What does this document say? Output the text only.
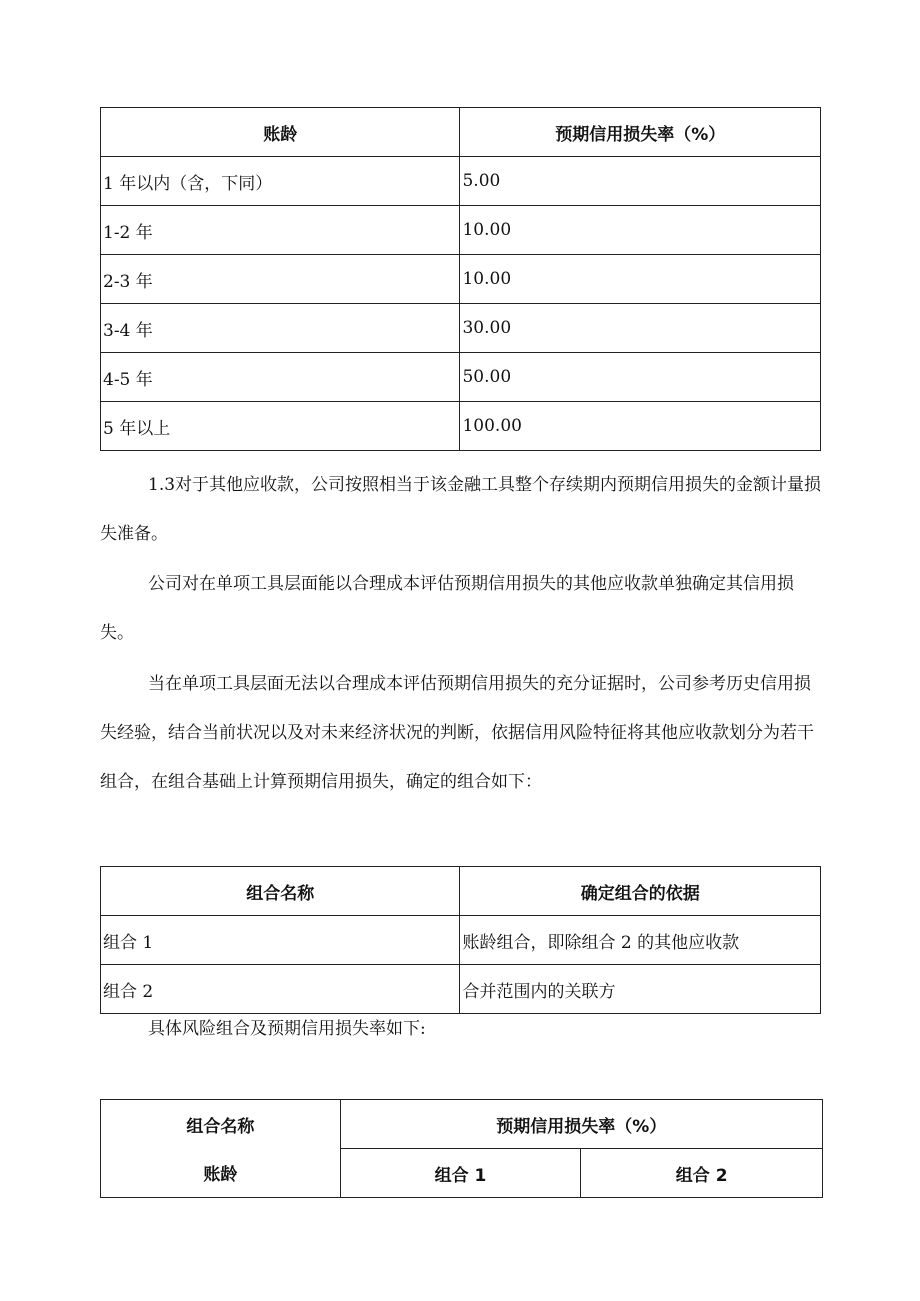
账龄	预期信用损失率（%）
1 年以内（含，下同）	5.00
1-2 年	10.00
2-3 年	10.00
3-4 年	30.00
4-5 年	50.00
5 年以上	100.00

1.3对于其他应收款，公司按照相当于该金融工具整个存续期内预期信用损失的金额计量损失准备。

公司对在单项工具层面能以合理成本评估预期信用损失的其他应收款单独确定其信用损失。

当在单项工具层面无法以合理成本评估预期信用损失的充分证据时，公司参考历史信用损失经验，结合当前状况以及对未来经济状况的判断，依据信用风险特征将其他应收款划分为若干组合，在组合基础上计算预期信用损失，确定的组合如下：

组合名称	确定组合的依据
组合 1	账龄组合，即除组合 2 的其他应收款
组合 2	合并范围内的关联方

具体风险组合及预期信用损失率如下:

组合名称	预期信用损失率（%）	
账龄	组合 1	组合 2
